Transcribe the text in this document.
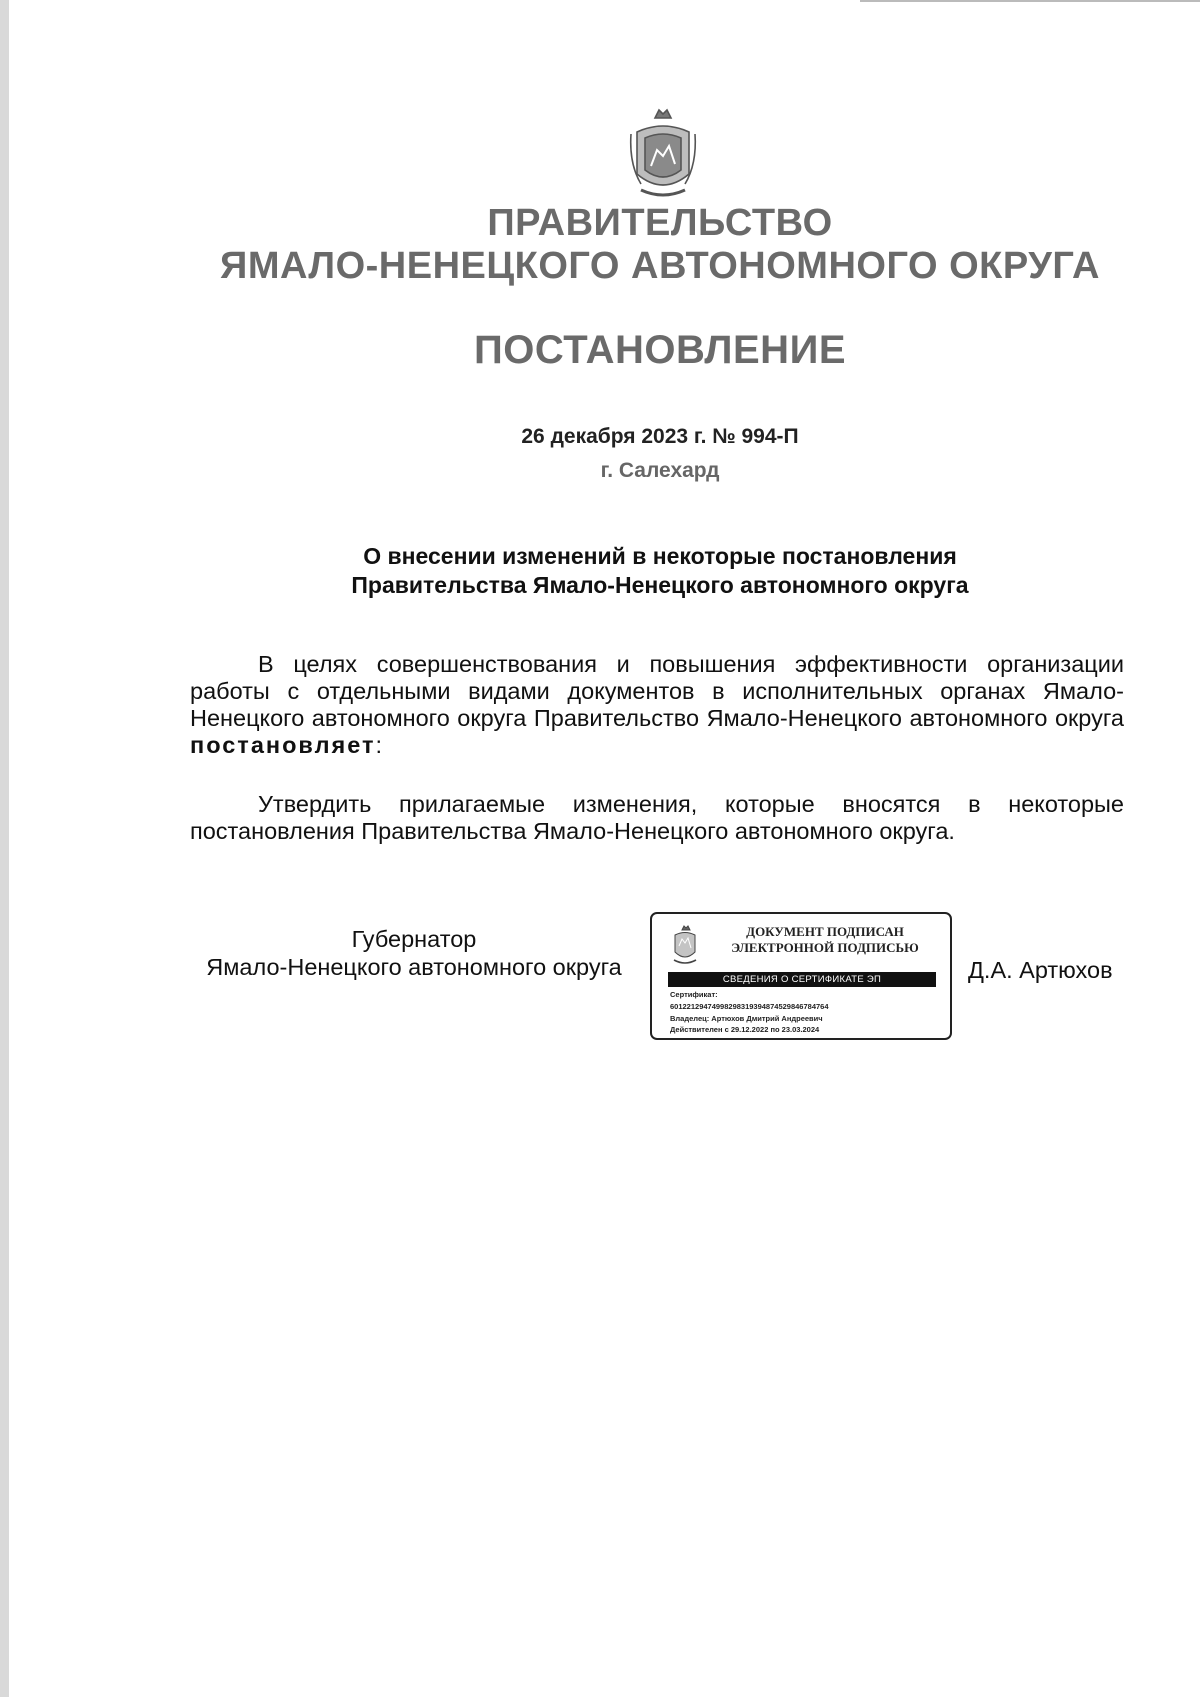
ПРАВИТЕЛЬСТВО
ЯМАЛО-НЕНЕЦКОГО АВТОНОМНОГО ОКРУГА
ПОСТАНОВЛЕНИЕ
26 декабря 2023 г. № 994-П
г. Салехард
О внесении изменений в некоторые постановления
Правительства Ямало-Ненецкого автономного округа
В целях совершенствования и повышения эффективности организации работы с отдельными видами документов в исполнительных органах Ямало-Ненецкого автономного округа Правительство Ямало-Ненецкого автономного округа постановляет:
Утвердить прилагаемые изменения, которые вносятся в некоторые постановления Правительства Ямало-Ненецкого автономного округа.
Губернатор
Ямало-Ненецкого автономного округа
ДОКУМЕНТ ПОДПИСАН
ЭЛЕКТРОННОЙ ПОДПИСЬЮ
СВЕДЕНИЯ О СЕРТИФИКАТЕ ЭП
Сертификат:
60122129474998298319394874529846784764
Владелец: Артюхов Дмитрий Андреевич
Действителен с 29.12.2022 по 23.03.2024
Д.А. Артюхов
